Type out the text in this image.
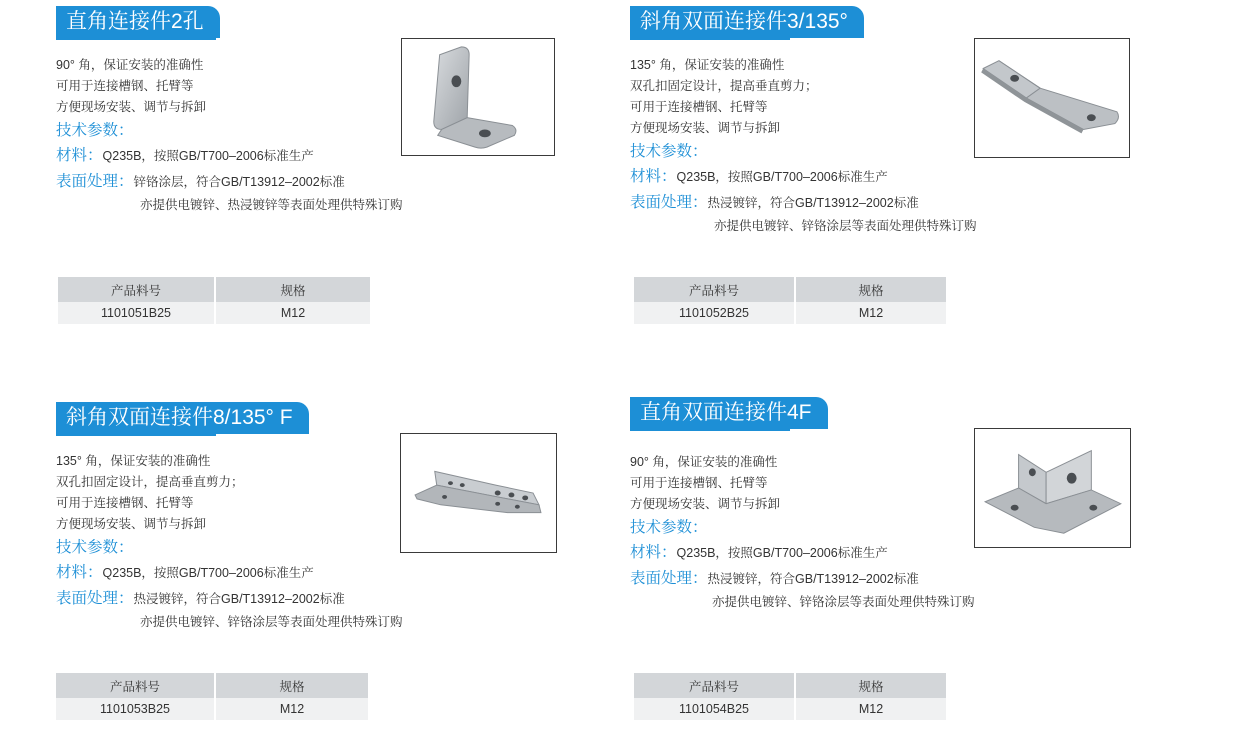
直角连接件2孔
90° 角，保证安装的准确性
可用于连接槽钢、托臂等
方便现场安装、调节与拆卸
技术参数：
材料：Q235B，按照GB/T700–2006标准生产
表面处理：锌铬涂层，符合GB/T13912–2002标准
亦提供电镀锌、热浸镀锌等表面处理供特殊订购
产品料号	规格
1101051B25	M12
斜角双面连接件3/135°
135° 角，保证安装的准确性
双孔扣固定设计，提高垂直剪力；
可用于连接槽钢、托臂等
方便现场安装、调节与拆卸
技术参数：
材料：Q235B，按照GB/T700–2006标准生产
表面处理：热浸镀锌，符合GB/T13912–2002标准
亦提供电镀锌、锌铬涂层等表面处理供特殊订购
产品料号	规格
1101052B25	M12
斜角双面连接件8/135° F
135° 角，保证安装的准确性
双孔扣固定设计，提高垂直剪力；
可用于连接槽钢、托臂等
方便现场安装、调节与拆卸
技术参数：
材料：Q235B，按照GB/T700–2006标准生产
表面处理：热浸镀锌，符合GB/T13912–2002标准
亦提供电镀锌、锌铬涂层等表面处理供特殊订购
产品料号	规格
1101053B25	M12
直角双面连接件4F
90° 角，保证安装的准确性
可用于连接槽钢、托臂等
方便现场安装、调节与拆卸
技术参数：
材料：Q235B，按照GB/T700–2006标准生产
表面处理：热浸镀锌，符合GB/T13912–2002标准
亦提供电镀锌、锌铬涂层等表面处理供特殊订购
产品料号	规格
1101054B25	M12
